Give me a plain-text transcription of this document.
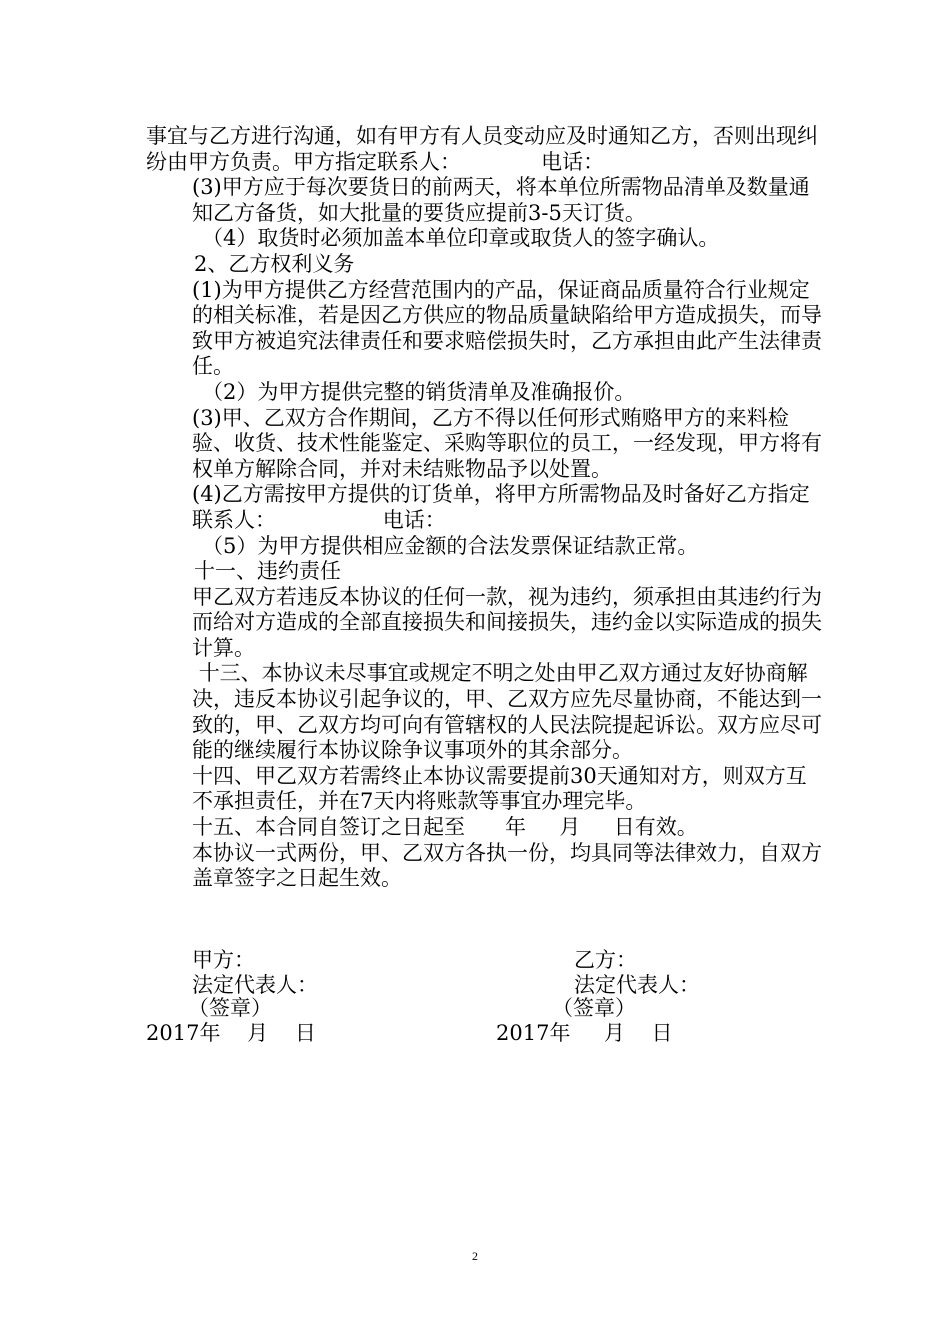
事宜与乙方进行沟通，如有甲方有人员变动应及时通知乙方，否则出现纠纷由甲方负责。甲方指定联系人：            电话：

(3)甲方应于每次要货日的前两天，将本单位所需物品清单及数量通知乙方备货，如大批量的要货应提前3-5天订货。

（4）取货时必须加盖本单位印章或取货人的签字确认。

2、乙方权利义务

(1)为甲方提供乙方经营范围内的产品，保证商品质量符合行业规定的相关标准，若是因乙方供应的物品质量缺陷给甲方造成损失，而导致甲方被追究法律责任和要求赔偿损失时，乙方承担由此产生法律责任。

（2）为甲方提供完整的销货清单及准确报价。

(3)甲、乙双方合作期间，乙方不得以任何形式贿赂甲方的来料检验、收货、技术性能鉴定、采购等职位的员工，一经发现，甲方将有权单方解除合同，并对未结账物品予以处置。

(4)乙方需按甲方提供的订货单，将甲方所需物品及时备好乙方指定联系人：                电话：

（5）为甲方提供相应金额的合法发票保证结款正常。

十一、违约责任

甲乙双方若违反本协议的任何一款，视为违约，须承担由其违约行为而给对方造成的全部直接损失和间接损失，违约金以实际造成的损失计算。

十三、本协议未尽事宜或规定不明之处由甲乙双方通过友好协商解决，违反本协议引起争议的，甲、乙双方应先尽量协商，不能达到一致的，甲、乙双方均可向有管辖权的人民法院提起诉讼。双方应尽可能的继续履行本协议除争议事项外的其余部分。

十四、甲乙双方若需终止本协议需要提前30天通知对方，则双方互不承担责任，并在7天内将账款等事宜办理完毕。

十五、本合同自签订之日起至      年     月     日有效。

本协议一式两份，甲、乙双方各执一份，均具同等法律效力，自双方盖章签字之日起生效。

甲方：	乙方：
法定代表人：	法定代表人：
（签章）	（签章）
2017年    月    日	2017年     月    日
2
